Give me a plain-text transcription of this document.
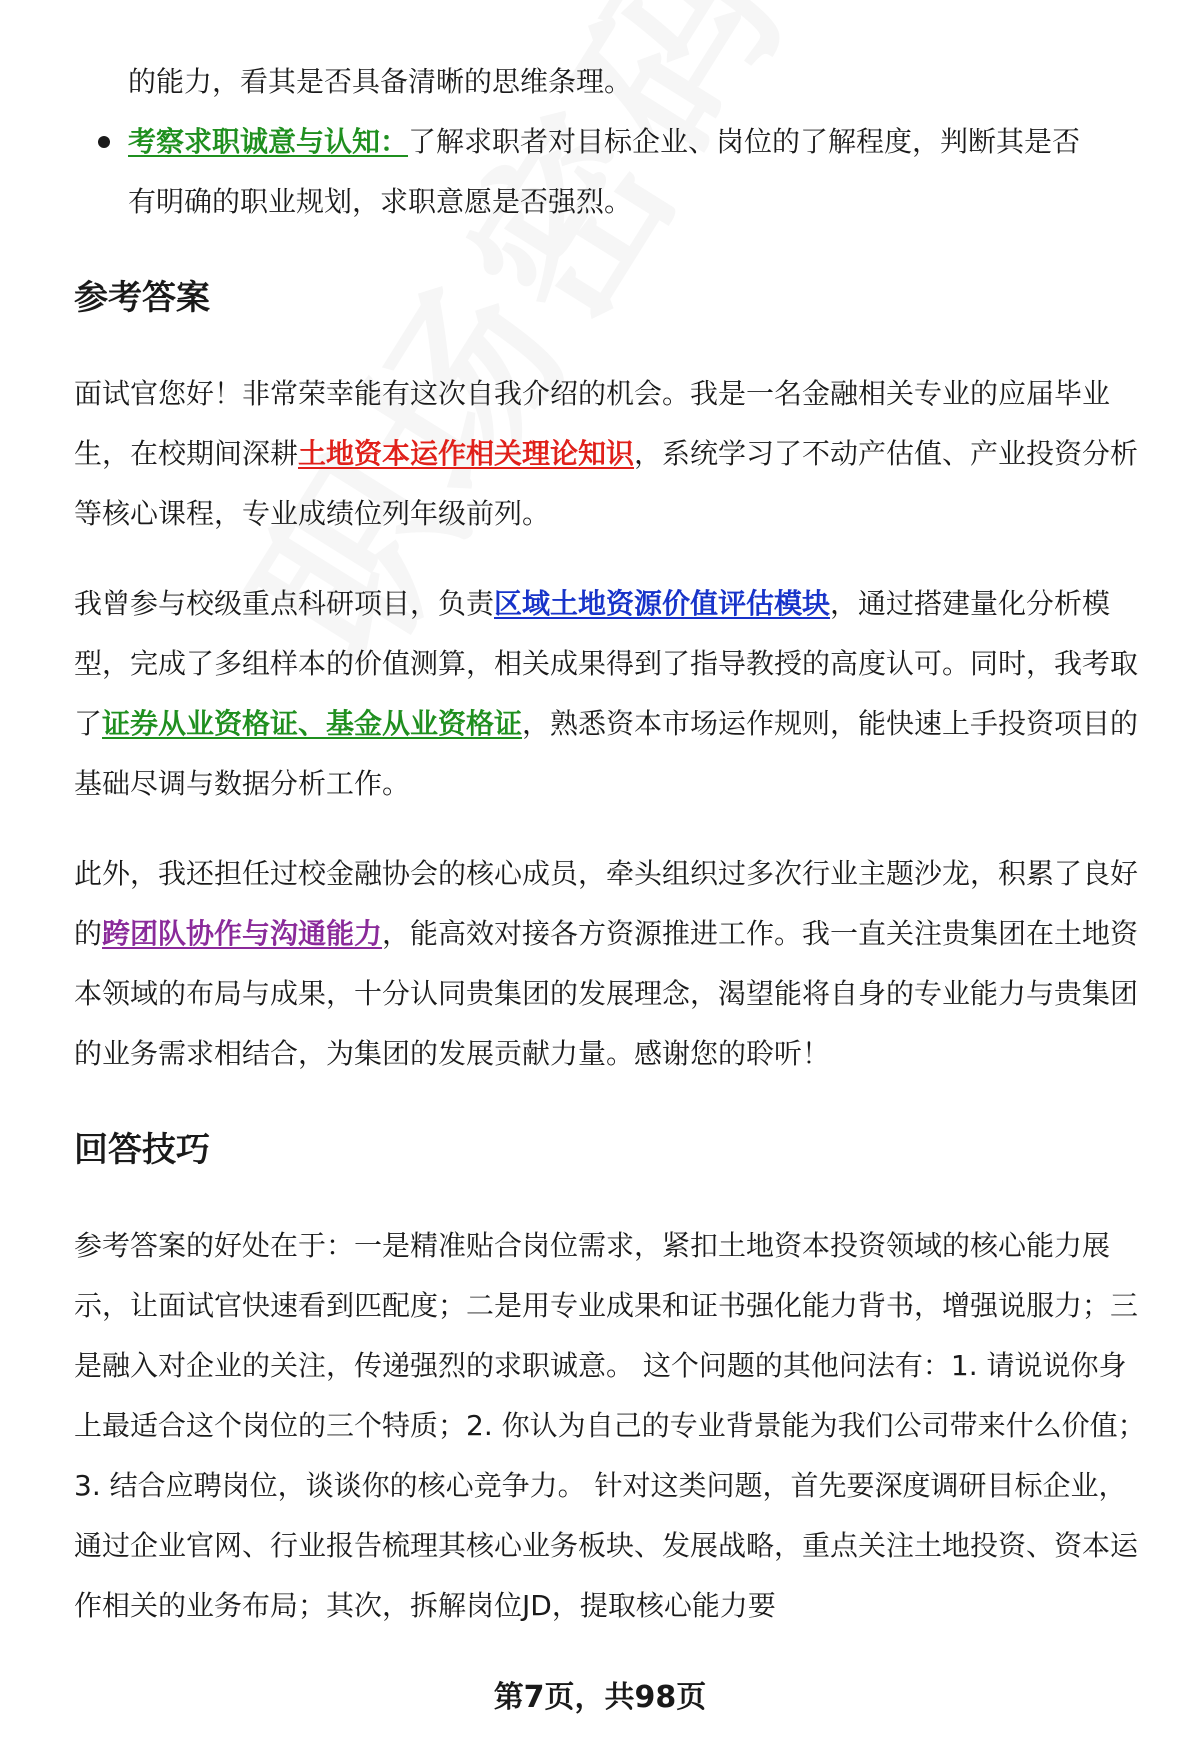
的能力，看其是否具备清晰的思维条理。

考察求职诚意与认知：了解求职者对目标企业、岗位的了解程度，判断其是否
有明确的职业规划，求职意愿是否强烈。
参考答案

面试官您好！非常荣幸能有这次自我介绍的机会。我是一名金融相关专业的应届毕业生，在校期间深耕土地资本运作相关理论知识，系统学习了不动产估值、产业投资分析等核心课程，专业成绩位列年级前列。

我曾参与校级重点科研项目，负责区域土地资源价值评估模块，通过搭建量化分析模型，完成了多组样本的价值测算，相关成果得到了指导教授的高度认可。同时，我考取了证券从业资格证、基金从业资格证，熟悉资本市场运作规则，能快速上手投资项目的基础尽调与数据分析工作。

此外，我还担任过校金融协会的核心成员，牵头组织过多次行业主题沙龙，积累了良好的跨团队协作与沟通能力，能高效对接各方资源推进工作。我一直关注贵集团在土地资本领域的布局与成果，十分认同贵集团的发展理念，渴望能将自身的专业能力与贵集团的业务需求相结合，为集团的发展贡献力量。感谢您的聆听！

回答技巧

参考答案的好处在于：一是精准贴合岗位需求，紧扣土地资本投资领域的核心能力展示，让面试官快速看到匹配度；二是用专业成果和证书强化能力背书，增强说服力；三是融入对企业的关注，传递强烈的求职诚意。 这个问题的其他问法有：1. 请说说你身上最适合这个岗位的三个特质；2. 你认为自己的专业背景能为我们公司带来什么价值；3. 结合应聘岗位，谈谈你的核心竞争力。 针对这类问题，首先要深度调研目标企业，通过企业官网、行业报告梳理其核心业务板块、发展战略，重点关注土地投资、资本运作相关的业务布局；其次，拆解岗位JD，提取核心能力要

第7页，共98页
